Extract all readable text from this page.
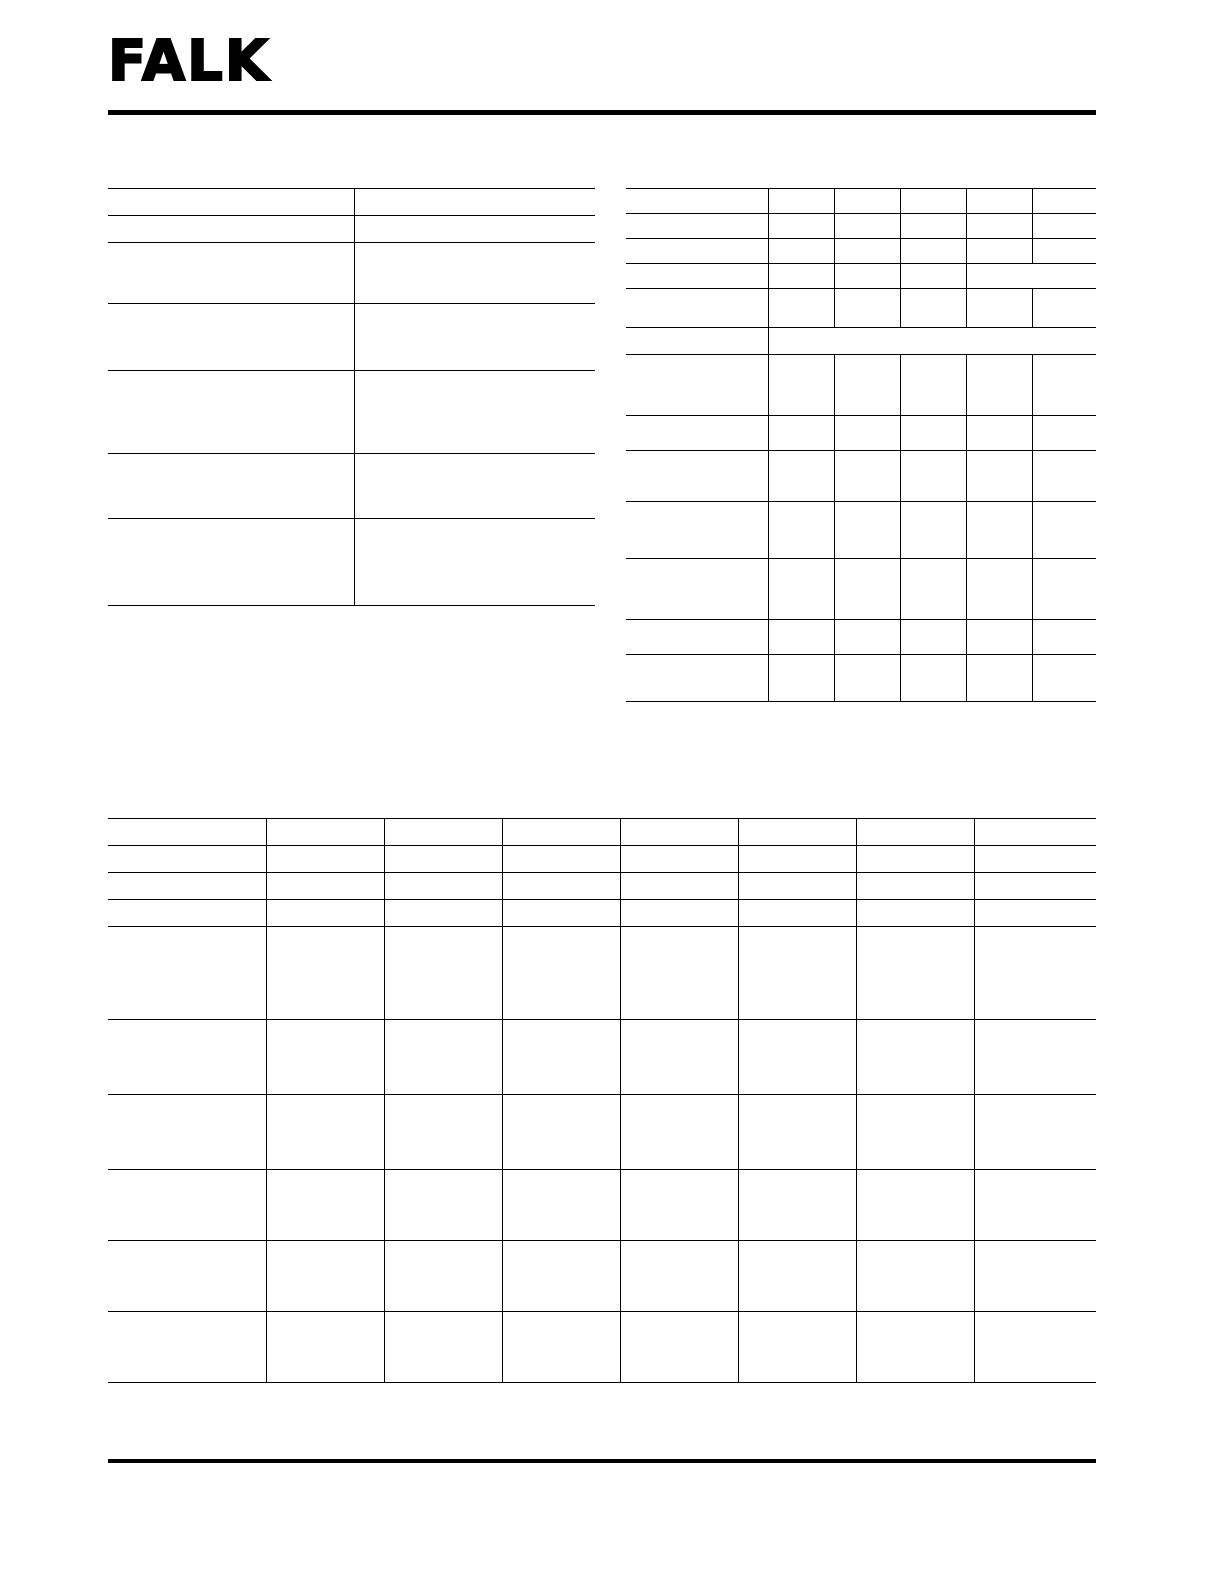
FALK
